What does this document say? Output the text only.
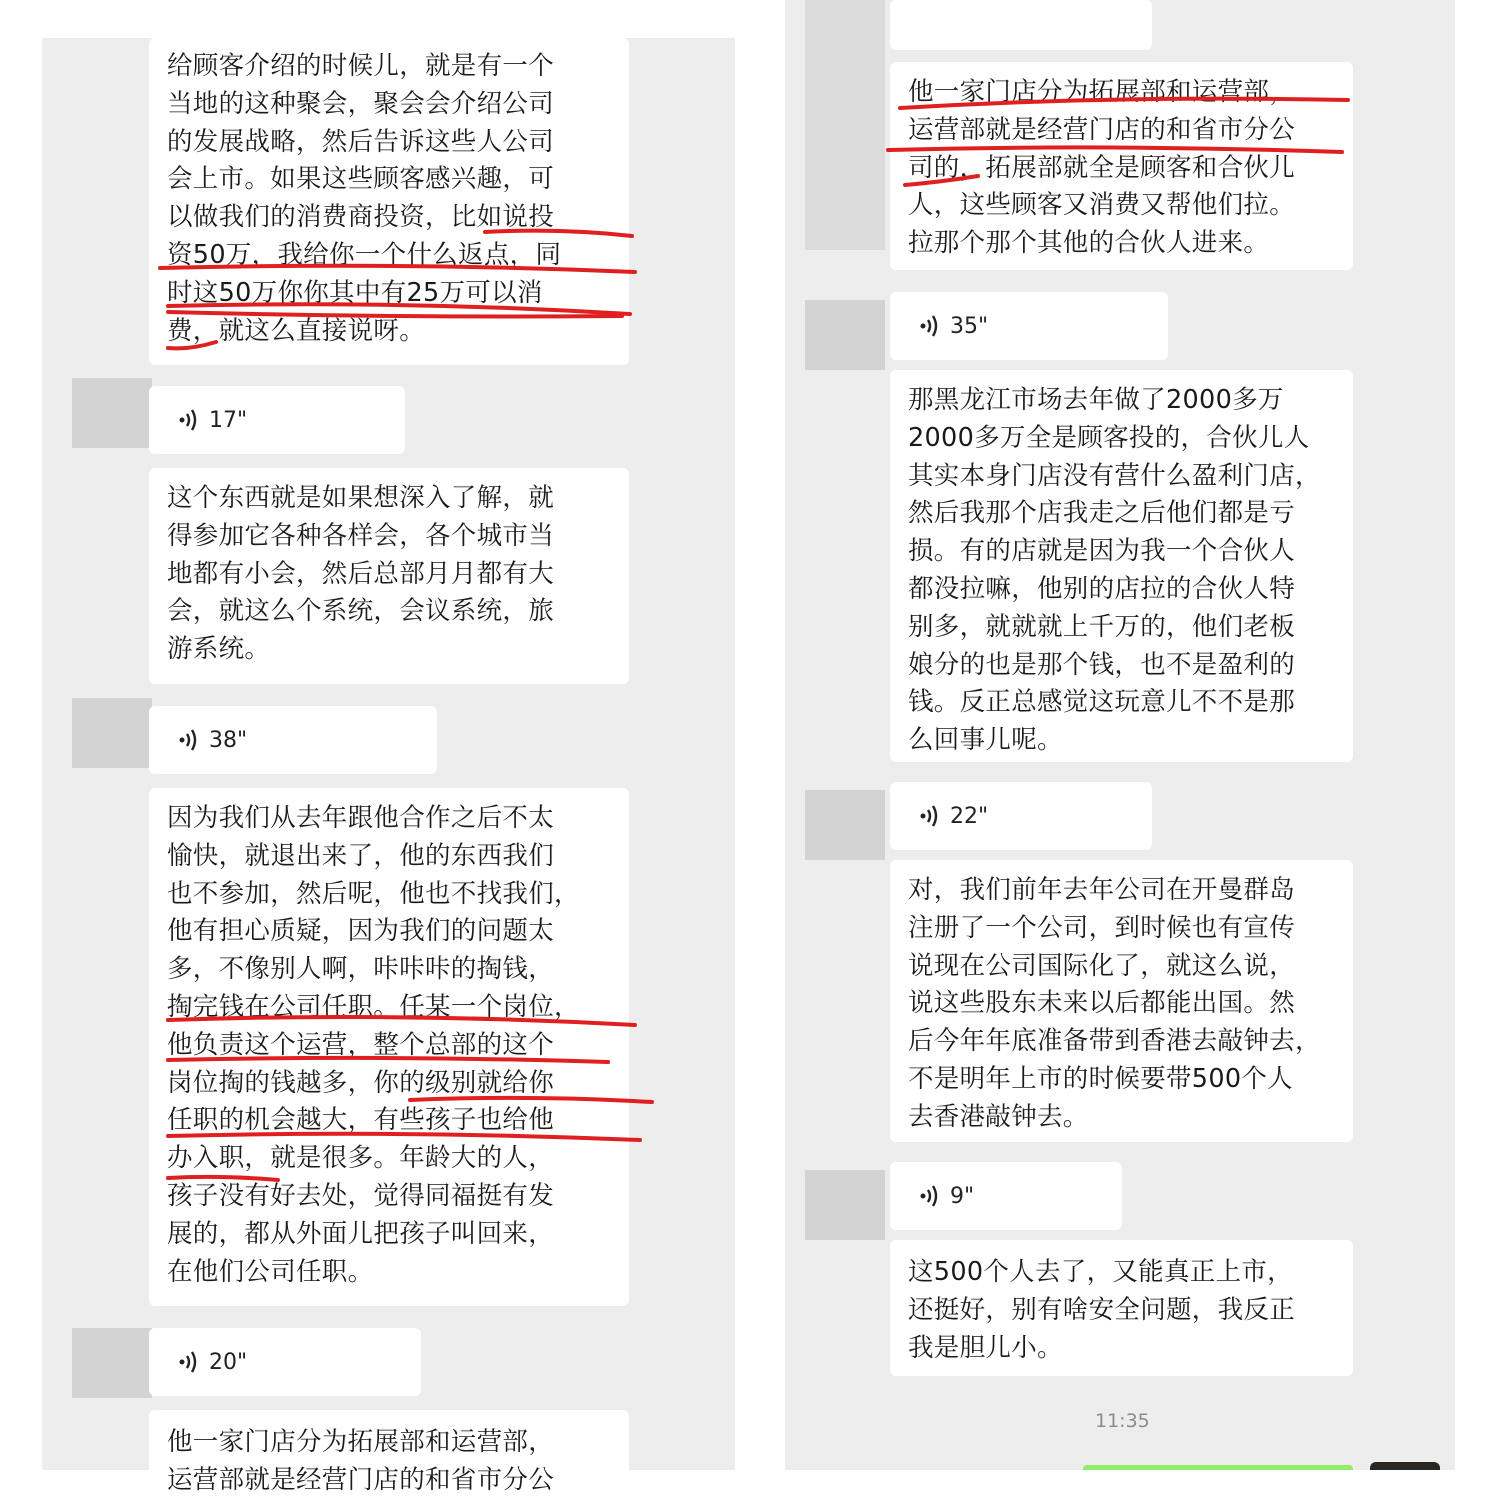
给顾客介绍的时候儿，就是有一个
当地的这种聚会，聚会会介绍公司
的发展战略，然后告诉这些人公司
会上市。如果这些顾客感兴趣，可
以做我们的消费商投资，比如说投
资50万，我给你一个什么返点，同
时这50万你你其中有25万可以消
费，就这么直接说呀。
17"
这个东西就是如果想深入了解，就
得参加它各种各样会，各个城市当
地都有小会，然后总部月月都有大
会，就这么个系统，会议系统，旅
游系统。
38"
因为我们从去年跟他合作之后不太
愉快，就退出来了，他的东西我们
也不参加，然后呢，他也不找我们，
他有担心质疑，因为我们的问题太
多，不像别人啊，咔咔咔的掏钱，
掏完钱在公司任职。任某一个岗位，
他负责这个运营，整个总部的这个
岗位掏的钱越多，你的级别就给你
任职的机会越大，有些孩子也给他
办入职，就是很多。年龄大的人，
孩子没有好去处，觉得同福挺有发
展的，都从外面儿把孩子叫回来，
在他们公司任职。
20"
他一家门店分为拓展部和运营部，
运营部就是经营门店的和省市分公
他一家门店分为拓展部和运营部，
运营部就是经营门店的和省市分公
司的，拓展部就全是顾客和合伙儿
人，这些顾客又消费又帮他们拉。
拉那个那个其他的合伙人进来。
35"
那黑龙江市场去年做了2000多万
2000多万全是顾客投的，合伙儿人
其实本身门店没有营什么盈利门店，
然后我那个店我走之后他们都是亏
损。有的店就是因为我一个合伙人
都没拉嘛，他别的店拉的合伙人特
别多，就就就上千万的，他们老板
娘分的也是那个钱，也不是盈利的
钱。反正总感觉这玩意儿不不是那
么回事儿呢。
22"
对，我们前年去年公司在开曼群岛
注册了一个公司，到时候也有宣传
说现在公司国际化了，就这么说，
说这些股东未来以后都能出国。然
后今年年底准备带到香港去敲钟去，
不是明年上市的时候要带500个人
去香港敲钟去。
9"
这500个人去了，又能真正上市，
还挺好，别有啥安全问题，我反正
我是胆儿小。
11:35
